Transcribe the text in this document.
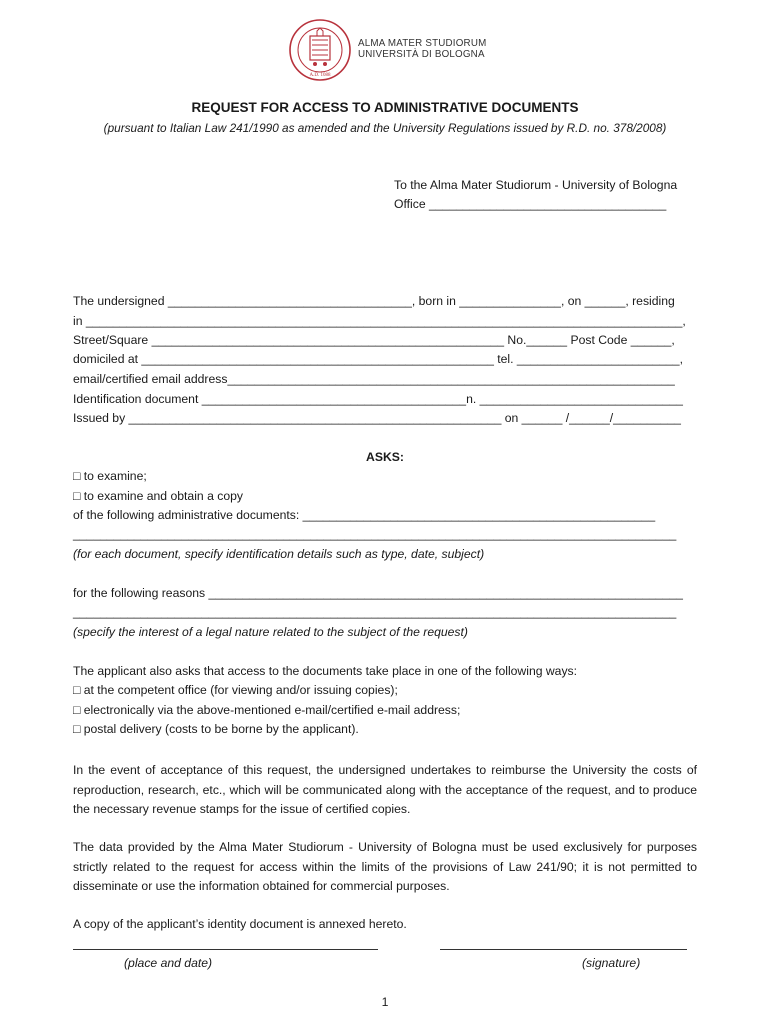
A.D. 1088
ALMA MATER STUDIORUM
UNIVERSITÀ DI BOLOGNA
REQUEST FOR ACCESS TO ADMINISTRATIVE DOCUMENTS
(pursuant to Italian Law 241/1990 as amended and the University Regulations issued by R.D. no. 378/2008)
To the Alma Mater Studiorum - University of Bologna
Office ___________________________________
The undersigned ____________________________________, born in _______________, on ______, residing
in ________________________________________________________________________________________,
Street/Square ____________________________________________________ No.______ Post Code ______,
domiciled at ____________________________________________________ tel. ________________________,
email/certified email address__________________________________________________________________
Identification document _______________________________________n. ______________________________
Issued by _______________________________________________________ on ______ /______/__________
ASKS:
□ to examine;
□ to examine and obtain a copy
of the following administrative documents: ____________________________________________________
_________________________________________________________________________________________
(for each document, specify identification details such as type, date, subject)
for the following reasons ______________________________________________________________________
_________________________________________________________________________________________
(specify the interest of a legal nature related to the subject of the request)
The applicant also asks that access to the documents take place in one of the following ways:
□ at the competent office (for viewing and/or issuing copies);
□ electronically via the above-mentioned e-mail/certified e-mail address;
□ postal delivery (costs to be borne by the applicant).
In the event of acceptance of this request, the undersigned undertakes to reimburse the University the costs of reproduction, research, etc., which will be communicated along with the acceptance of the request, and to produce the necessary revenue stamps for the issue of certified copies.
The data provided by the Alma Mater Studiorum - University of Bologna must be used exclusively for purposes strictly related to the request for access within the limits of the provisions of Law 241/90; it is not permitted to disseminate or use the information obtained for commercial purposes.
A copy of the applicant’s identity document is annexed hereto.
(place and date)	(signature)
1
